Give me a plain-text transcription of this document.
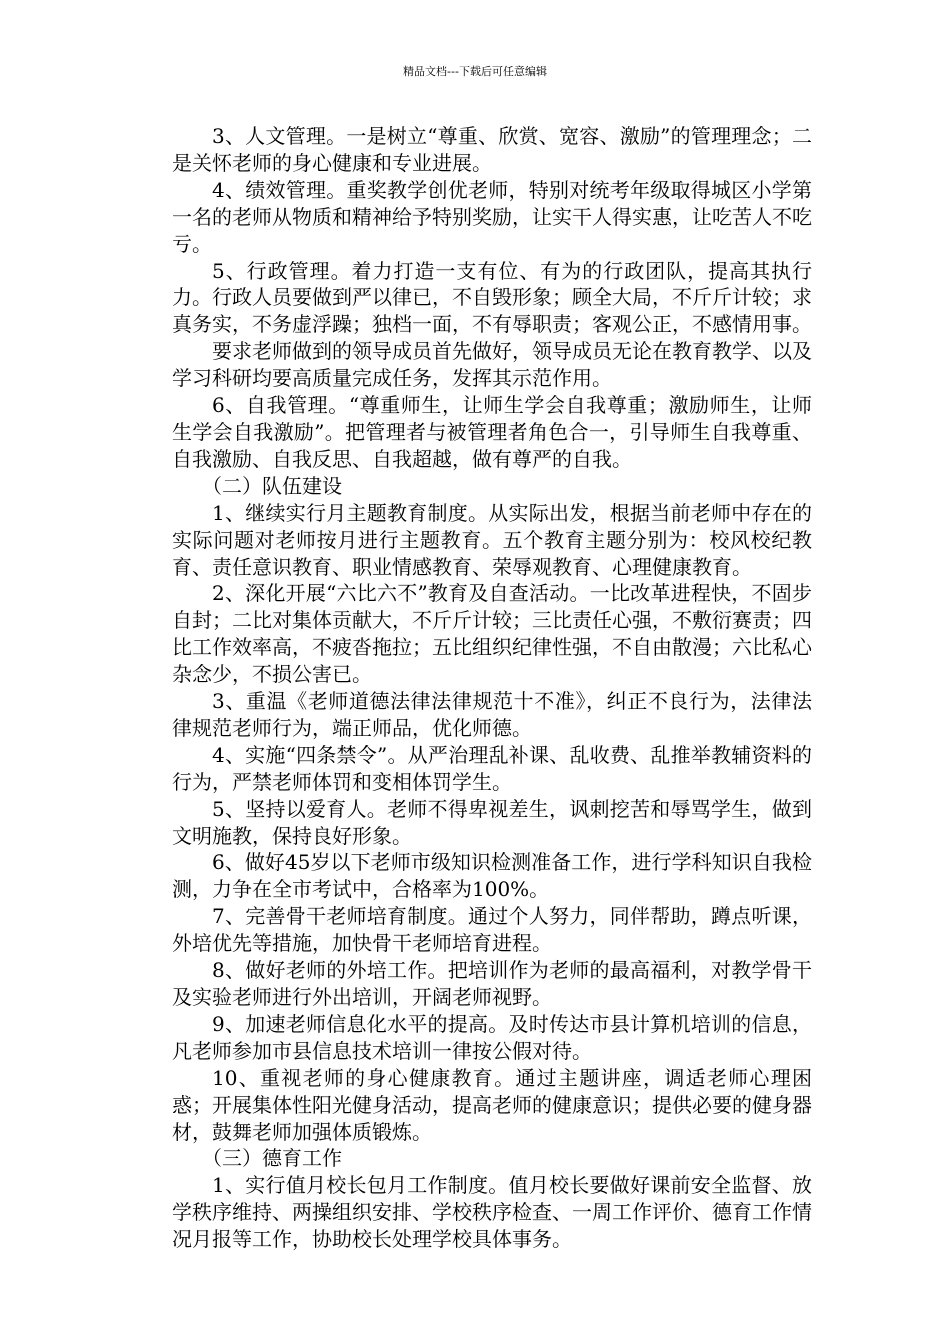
精品文档---下载后可任意编辑

3、人文管理。一是树立“尊重、欣赏、宽容、激励”的管理理念；二是关怀老师的身心健康和专业进展。

4、绩效管理。重奖教学创优老师，特别对统考年级取得城区小学第一名的老师从物质和精神给予特别奖励，让实干人得实惠，让吃苦人不吃亏。

5、行政管理。着力打造一支有位、有为的行政团队，提高其执行力。行政人员要做到严以律已，不自毁形象；顾全大局，不斤斤计较；求真务实，不务虚浮躁；独档一面，不有辱职责；客观公正，不感情用事。

要求老师做到的领导成员首先做好，领导成员无论在教育教学、以及学习科研均要高质量完成任务，发挥其示范作用。

6、自我管理。“尊重师生，让师生学会自我尊重；激励师生，让师生学会自我激励”。把管理者与被管理者角色合一，引导师生自我尊重、自我激励、自我反思、自我超越，做有尊严的自我。

（二）队伍建设

1、继续实行月主题教育制度。从实际出发，根据当前老师中存在的实际问题对老师按月进行主题教育。五个教育主题分别为：校风校纪教育、责任意识教育、职业情感教育、荣辱观教育、心理健康教育。

2、深化开展“六比六不”教育及自查活动。一比改革进程快，不固步自封；二比对集体贡献大，不斤斤计较；三比责任心强，不敷衍赛责；四比工作效率高，不疲沓拖拉；五比组织纪律性强，不自由散漫；六比私心杂念少，不损公害已。

3、重温《老师道德法律法律规范十不准》，纠正不良行为，法律法律规范老师行为，端正师品，优化师德。

4、实施“四条禁令”。从严治理乱补课、乱收费、乱推举教辅资料的行为，严禁老师体罚和变相体罚学生。

5、坚持以爱育人。老师不得卑视差生，讽刺挖苦和辱骂学生，做到文明施教，保持良好形象。

6、做好45岁以下老师市级知识检测准备工作，进行学科知识自我检测，力争在全市考试中，合格率为100%。

7、完善骨干老师培育制度。通过个人努力，同伴帮助，蹲点听课，外培优先等措施，加快骨干老师培育进程。

8、做好老师的外培工作。把培训作为老师的最高福利，对教学骨干及实验老师进行外出培训，开阔老师视野。

9、加速老师信息化水平的提高。及时传达市县计算机培训的信息，凡老师参加市县信息技术培训一律按公假对待。

10、重视老师的身心健康教育。通过主题讲座，调适老师心理困惑；开展集体性阳光健身活动，提高老师的健康意识；提供必要的健身器材，鼓舞老师加强体质锻炼。

（三）德育工作

1、实行值月校长包月工作制度。值月校长要做好课前安全监督、放学秩序维持、两操组织安排、学校秩序检查、一周工作评价、德育工作情况月报等工作，协助校长处理学校具体事务。
